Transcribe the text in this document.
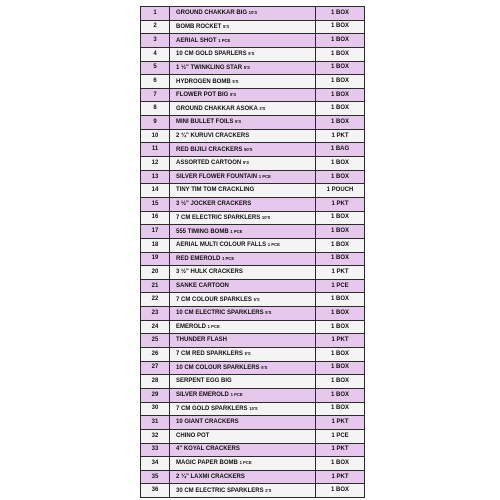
1	GROUND CHAKKAR BIG 10'S	1 BOX
2	BOMB ROCKET 5'S	1 BOX
3	AERIAL SHOT 1 PCE	1 BOX
4	10 CM GOLD SPARLERS 5'S	1 BOX
5	1 ½" TWINKLING STAR 5'S	1 BOX
6	HYDROGEN BOMB 5'S	1 BOX
7	FLOWER POT BIG 5'S	1 BOX
8	GROUND CHAKKAR ASOKA 3'S	1 BOX
9	MINI BULLET FOILS 5'S	1 BOX
10	2 ¾" KURUVI CRACKERS	1 PKT
11	RED BIJILI CRACKERS 50'S	1 BAG
12	ASSORTED CARTOON 5'S	1 BOX
13	SILVER FLOWER FOUNTAIN 1 PCE	1 BOX
14	TINY TIM TOM CRACKLING	1 POUCH
15	3 ½" JOCKER CRACKERS	1 PKT
16	7 CM ELECTRIC SPARKLERS 10'S	1 BOX
17	555 TIMING BOMB 1 PCE	1 BOX
18	AERIAL MULTI COLOUR FALLS 1 PCE	1 BOX
19	RED EMEROLD 1 PCE	1 BOX
20	3 ½" HULK CRACKERS	1 PKT
21	SANKE CARTOON	1 PCE
22	7 CM COLOUR SPARKLES 5'S	1 BOX
23	10 CM ELECTRIC SPARKLERS 5'S	1 BOX
24	EMEROLD 1 PCE	1 BOX
25	THUNDER FLASH	1 PKT
26	7 CM RED SPARKLERS 5'S	1 BOX
27	10 CM COLOUR SPARKLERS 5'S	1 BOX
28	SERPENT EGG BIG	1 BOX
29	SILVER EMEROLD 1 PCE	1 BOX
30	7 CM GOLD SPARKLERS 10'S	1 BOX
31	10 GIANT CRACKERS	1 PKT
32	CHINO POT	1 PCE
33	4" KOYAL CRACKERS	1 PKT
34	MAGIC PAPER BOMB 1 PCE	1 BOX
35	2 ¾" LAXMI CRACKERS	1 PKT
36	30 CM ELECTRIC SPARKLERS 2'S	1 BOX
